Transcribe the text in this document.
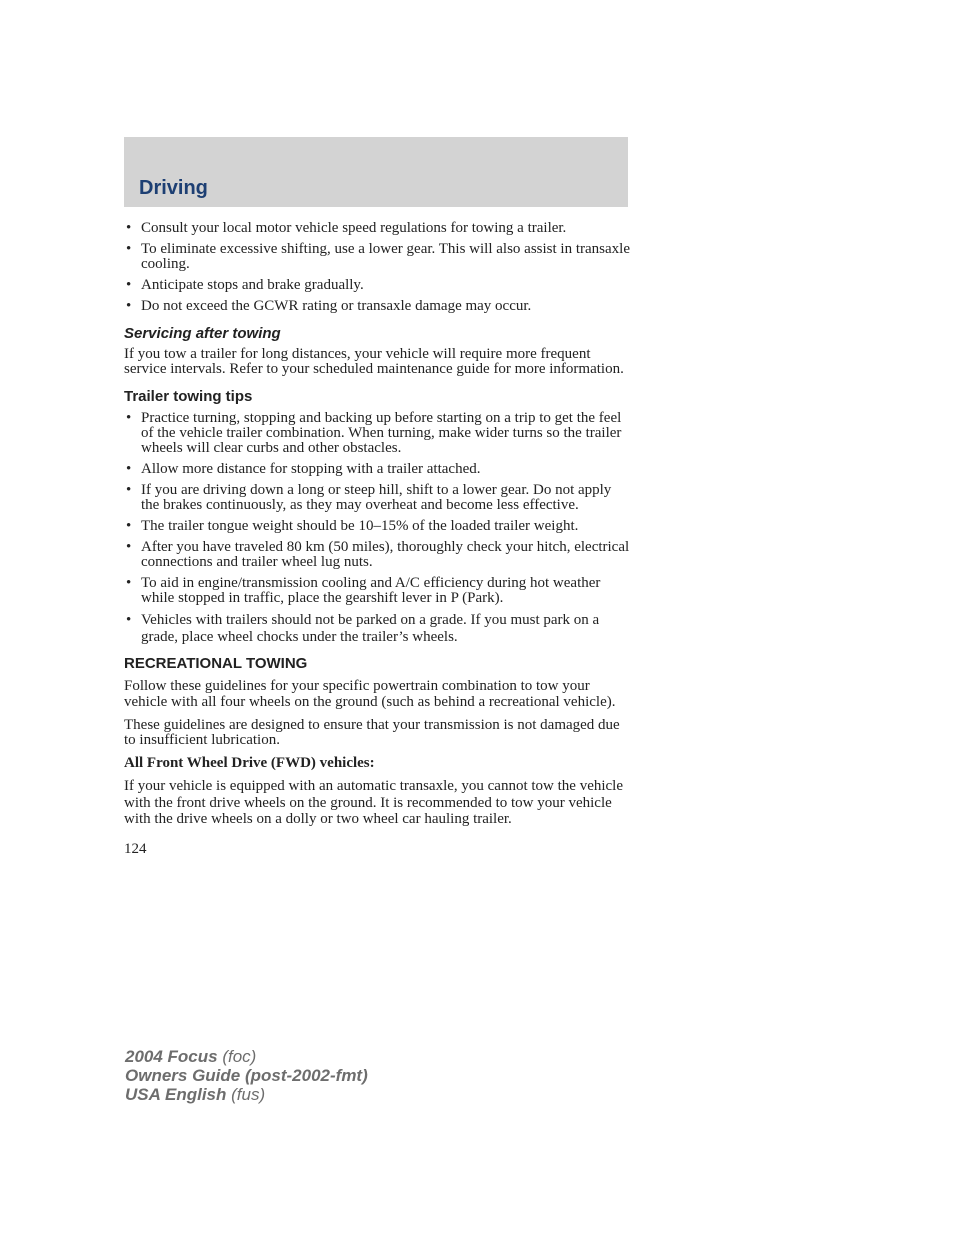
Driving
• Consult your local motor vehicle speed regulations for towing a trailer.
• To eliminate excessive shifting, use a lower gear. This will also assist in transaxle cooling.
• Anticipate stops and brake gradually.
• Do not exceed the GCWR rating or transaxle damage may occur.
Servicing after towing

If you tow a trailer for long distances, your vehicle will require more frequent service intervals. Refer to your scheduled maintenance guide for more information.

Trailer towing tips
• Practice turning, stopping and backing up before starting on a trip to get the feel of the vehicle trailer combination. When turning, make wider turns so the trailer wheels will clear curbs and other obstacles.
• Allow more distance for stopping with a trailer attached.
• If you are driving down a long or steep hill, shift to a lower gear. Do not apply the brakes continuously, as they may overheat and become less effective.
• The trailer tongue weight should be 10–15% of the loaded trailer weight.
• After you have traveled 80 km (50 miles), thoroughly check your hitch, electrical connections and trailer wheel lug nuts.
• To aid in engine/transmission cooling and A/C efficiency during hot weather while stopped in traffic, place the gearshift lever in P (Park).
• Vehicles with trailers should not be parked on a grade. If you must park on a grade, place wheel chocks under the trailer’s wheels.
RECREATIONAL TOWING

Follow these guidelines for your specific powertrain combination to tow your vehicle with all four wheels on the ground (such as behind a recreational vehicle).

These guidelines are designed to ensure that your transmission is not damaged due to insufficient lubrication.

All Front Wheel Drive (FWD) vehicles:

If your vehicle is equipped with an automatic transaxle, you cannot tow the vehicle with the front drive wheels on the ground. It is recommended to tow your vehicle with the drive wheels on a dolly or two wheel car hauling trailer.

124
2004 Focus (foc)
Owners Guide (post-2002-fmt)
USA English (fus)
